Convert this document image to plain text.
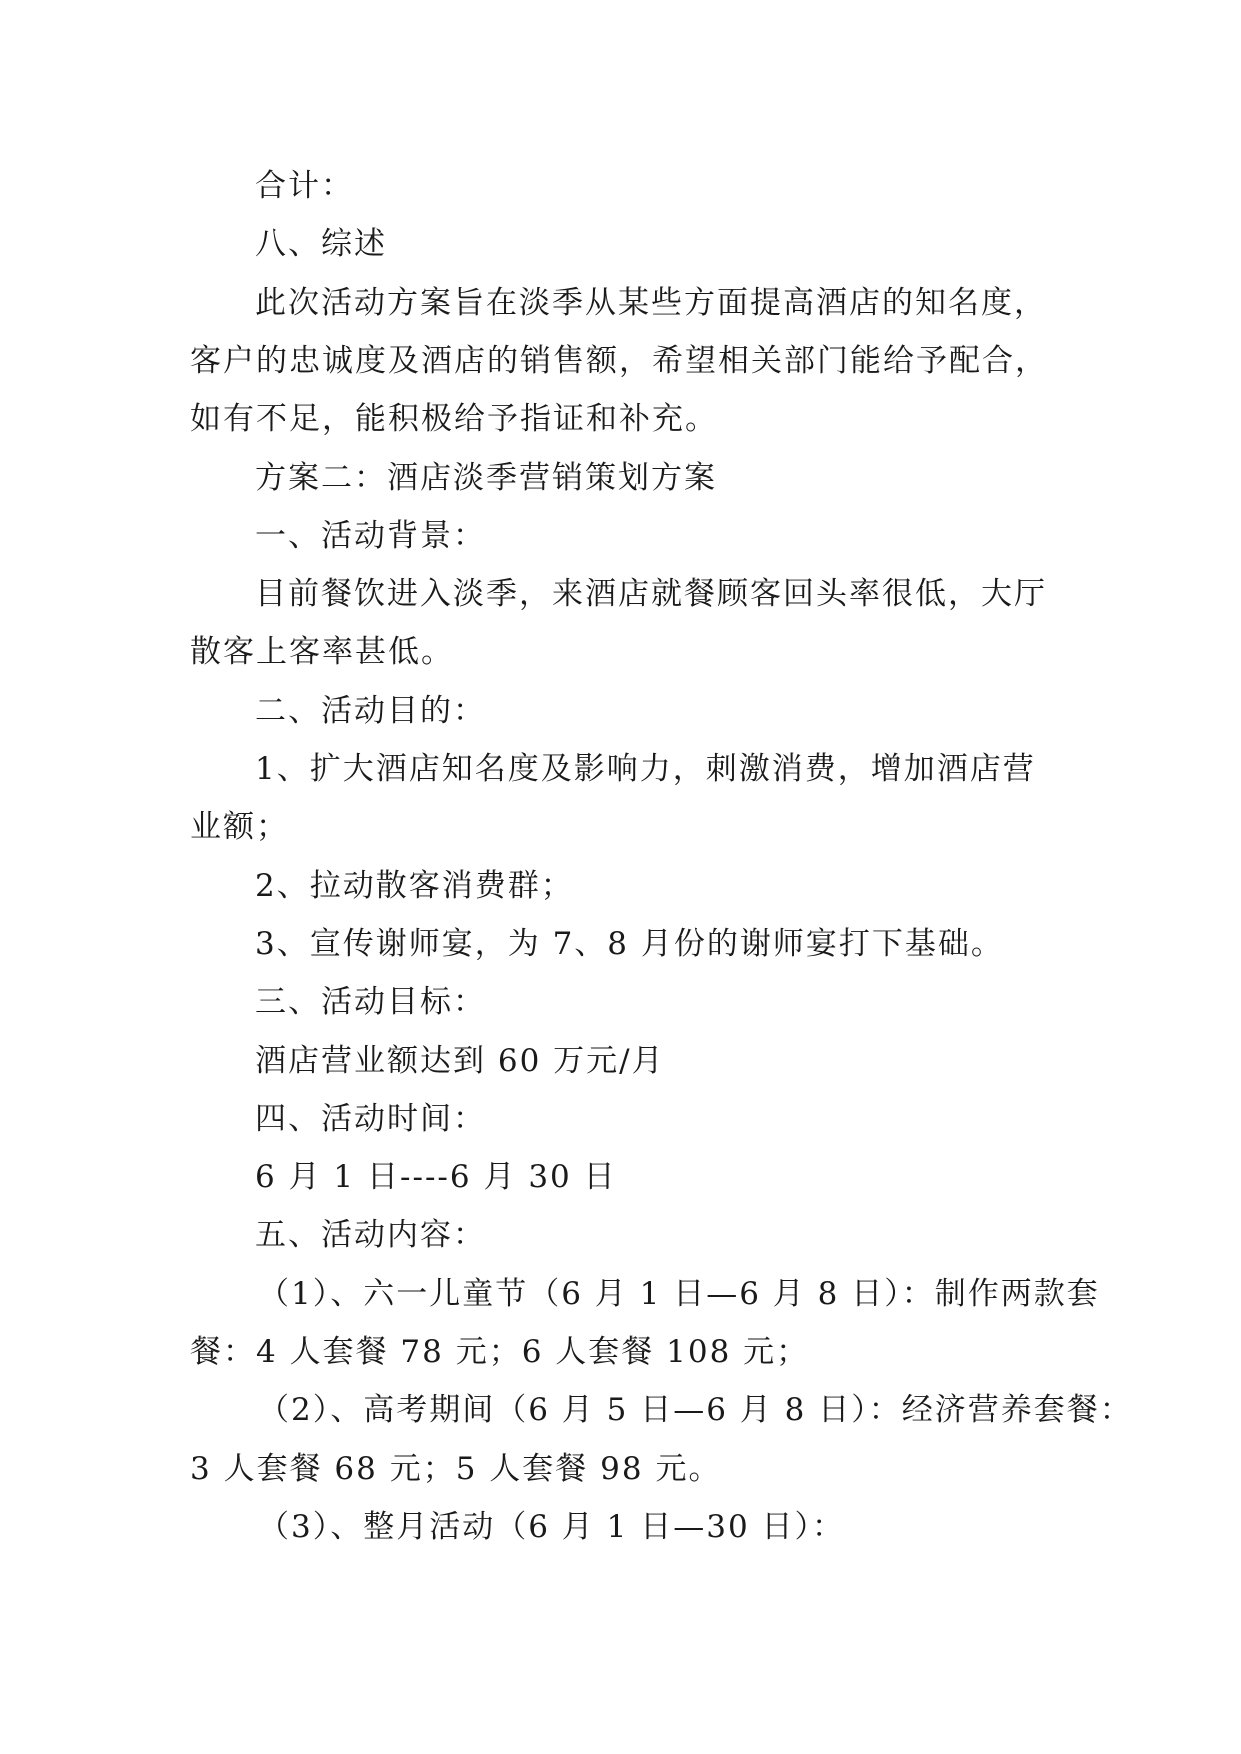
合计：
八、综述
此次活动方案旨在淡季从某些方面提高酒店的知名度，
客户的忠诚度及酒店的销售额，希望相关部门能给予配合，
如有不足，能积极给予指证和补充。
方案二：酒店淡季营销策划方案
一、活动背景：
目前餐饮进入淡季，来酒店就餐顾客回头率很低，大厅
散客上客率甚低。
二、活动目的：
1、扩大酒店知名度及影响力，刺激消费，增加酒店营
业额；
2、拉动散客消费群；
3、宣传谢师宴，为 7、8 月份的谢师宴打下基础。
三、活动目标：
酒店营业额达到 60 万元/月
四、活动时间：
6 月 1 日----6 月 30 日
五、活动内容：
（1）、六一儿童节（6 月 1 日—6 月 8 日）：制作两款套
餐：4 人套餐 78 元；6 人套餐 108 元；
（2）、高考期间（6 月 5 日—6 月 8 日）：经济营养套餐：
3 人套餐 68 元；5 人套餐 98 元。
（3）、整月活动（6 月 1 日—30 日）：
